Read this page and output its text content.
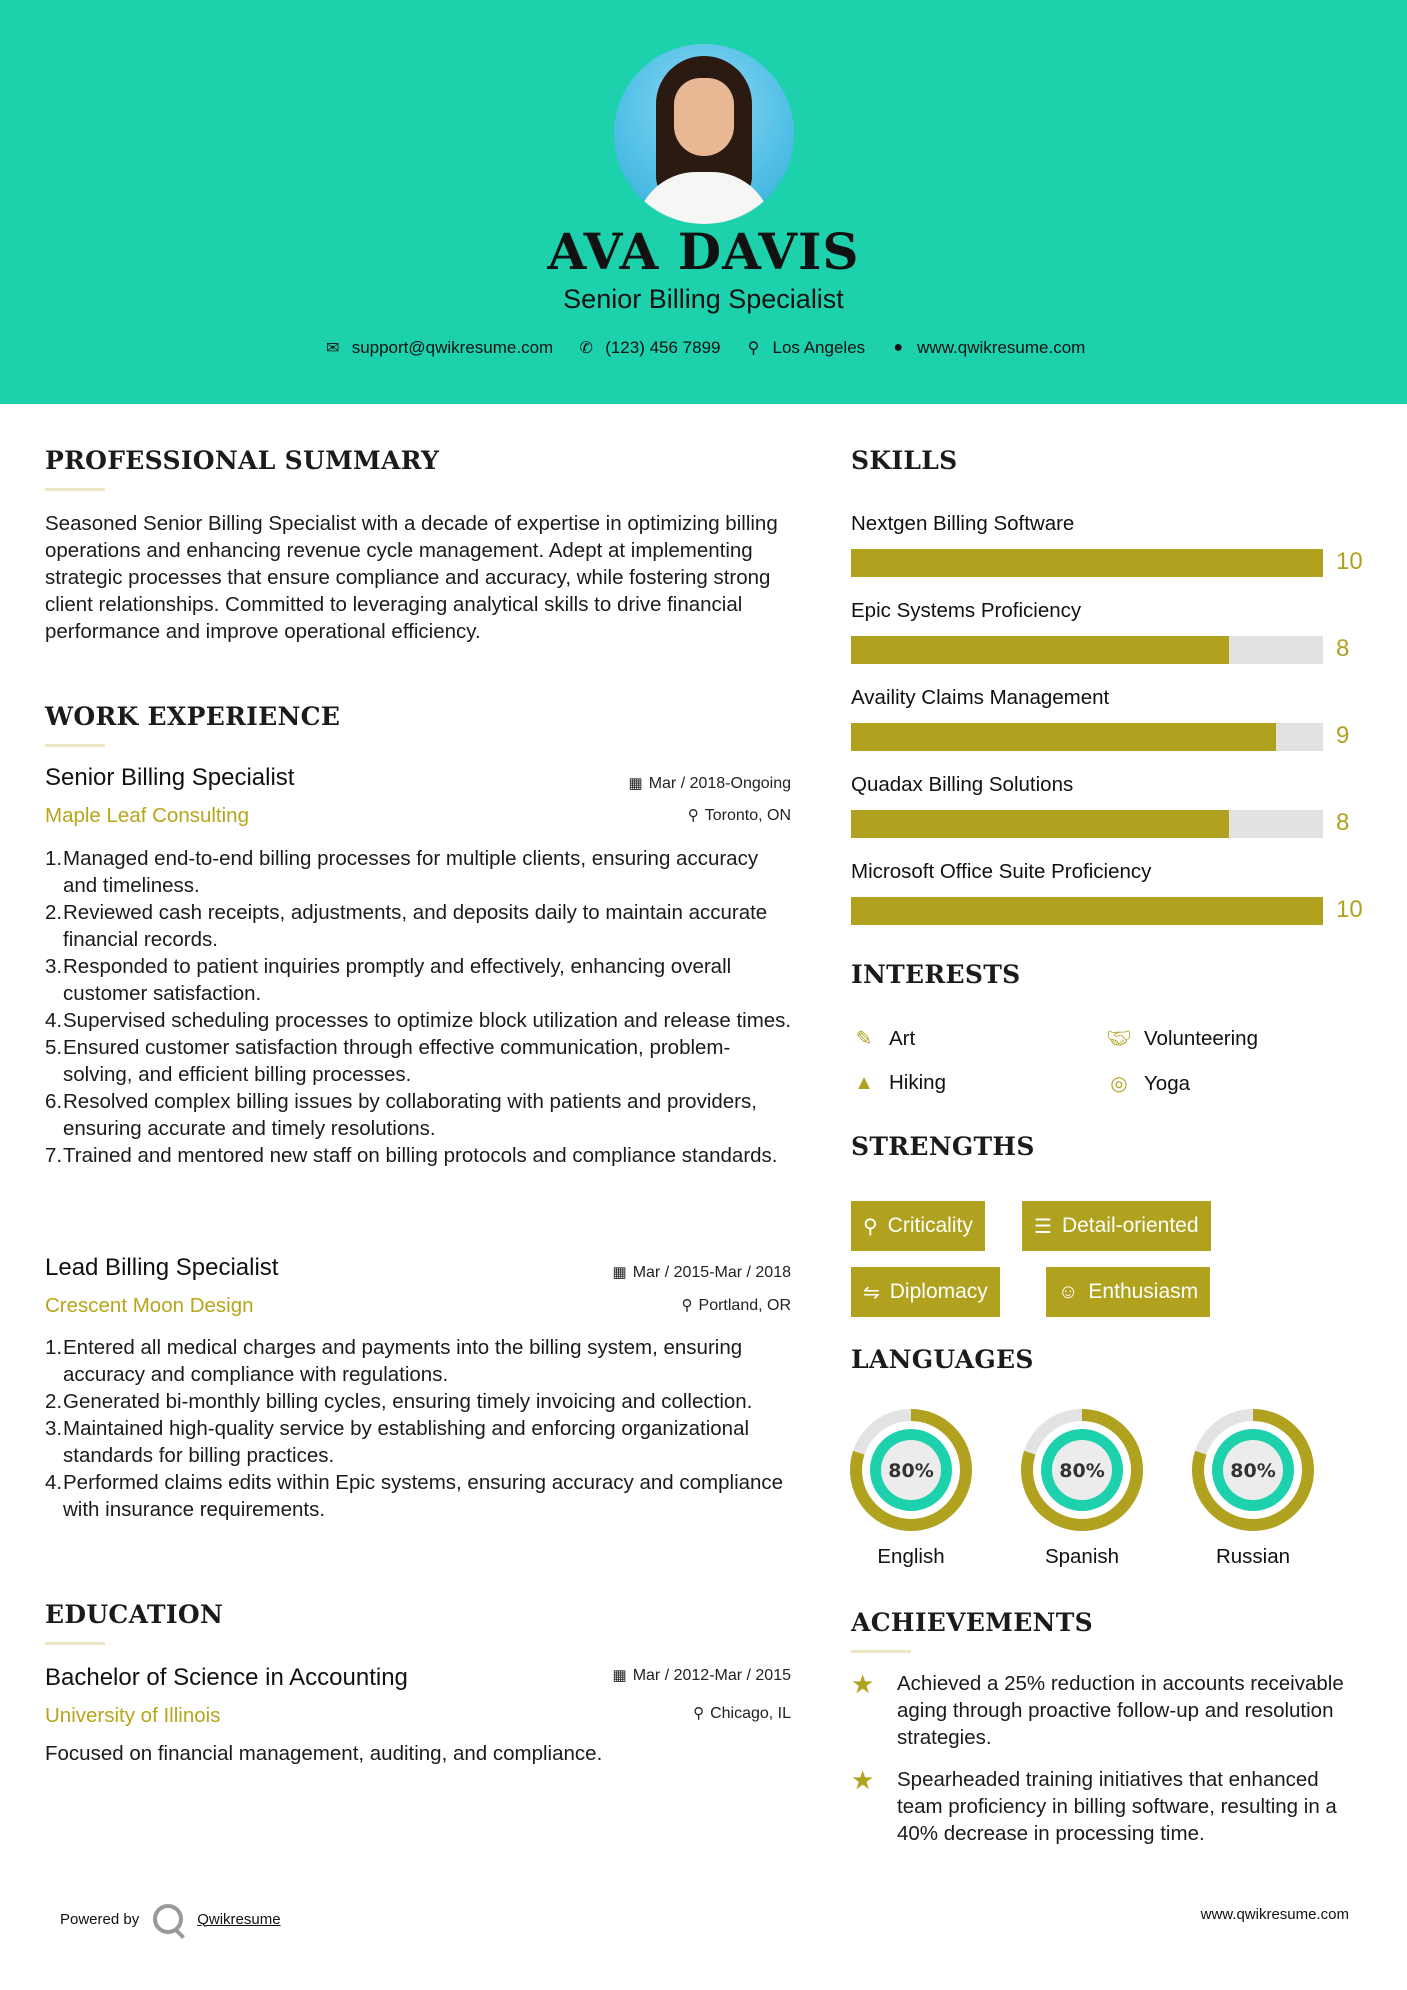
AVA DAVIS
Senior Billing Specialist
✉ support@qwikresume.com ✆ (123) 456 7899	⚲ Los Angeles	● www.qwikresume.com
PROFESSIONAL SUMMARY
Seasoned Senior Billing Specialist with a decade of expertise in optimizing billing operations and enhancing revenue cycle management. Adept at implementing strategic processes that ensure compliance and accuracy, while fostering strong client relationships. Committed to leveraging analytical skills to drive financial performance and improve operational efficiency.
WORK EXPERIENCE
Senior Billing Specialist	▦ Mar / 2018-Ongoing
Maple Leaf Consulting	⚲ Toronto, ON
1. Managed end-to-end billing processes for multiple clients, ensuring accuracy and timeliness.
2. Reviewed cash receipts, adjustments, and deposits daily to maintain accurate financial records.
3. Responded to patient inquiries promptly and effectively, enhancing overall customer satisfaction.
4. Supervised scheduling processes to optimize block utilization and release times.
5. Ensured customer satisfaction through effective communication, problem-solving, and efficient billing processes.
6. Resolved complex billing issues by collaborating with patients and providers, ensuring accurate and timely resolutions.
7. Trained and mentored new staff on billing protocols and compliance standards.
Lead Billing Specialist	▦ Mar / 2015-Mar / 2018
Crescent Moon Design	⚲ Portland, OR
1. Entered all medical charges and payments into the billing system, ensuring accuracy and compliance with regulations.
2. Generated bi-monthly billing cycles, ensuring timely invoicing and collection.
3. Maintained high-quality service by establishing and enforcing organizational standards for billing practices.
4. Performed claims edits within Epic systems, ensuring accuracy and compliance with insurance requirements.
EDUCATION
Bachelor of Science in Accounting	▦ Mar / 2012-Mar / 2015
University of Illinois	⚲ Chicago, IL
Focused on financial management, auditing, and compliance.
SKILLS
Nextgen Billing Software
10
Epic Systems Proficiency
8
Availity Claims Management
9
Quadax Billing Solutions
8
Microsoft Office Suite Proficiency
10
INTERESTS
✎ Art	🤝︎ Volunteering
▲ Hiking	◎ Yoga
STRENGTHS
⚲ Criticality	☰ Detail-oriented
⇋ Diplomacy	☺ Enthusiasm
LANGUAGES
80%
English
80%
Spanish
80%
Russian
ACHIEVEMENTS
★	Achieved a 25% reduction in accounts receivable aging through proactive follow-up and resolution strategies.
★	Spearheaded training initiatives that enhanced team proficiency in billing software, resulting in a 40% decrease in processing time.
Powered by	Qwikresume	www.qwikresume.com
